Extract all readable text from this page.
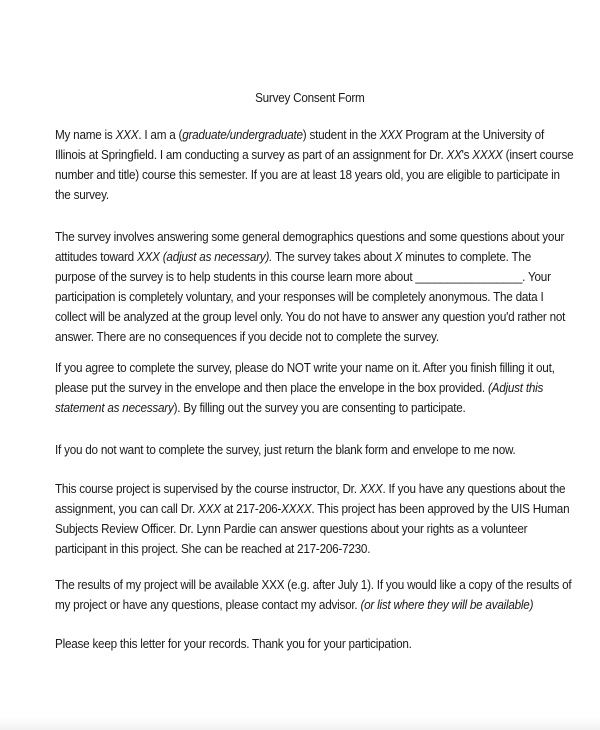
Survey Consent Form

My name is XXX. I am a (graduate/undergraduate) student in the XXX Program at the University of
Illinois at Springfield. I am conducting a survey as part of an assignment for Dr. XX's XXXX (insert course
number and title) course this semester. If you are at least 18 years old, you are eligible to participate in
the survey.

The survey involves answering some general demographics questions and some questions about your
attitudes toward XXX (adjust as necessary). The survey takes about X minutes to complete. The
purpose of the survey is to help students in this course learn more about _________________. Your
participation is completely voluntary, and your responses will be completely anonymous. The data I
collect will be analyzed at the group level only. You do not have to answer any question you'd rather not
answer. There are no consequences if you decide not to complete the survey.

If you agree to complete the survey, please do NOT write your name on it. After you finish filling it out,
please put the survey in the envelope and then place the envelope in the box provided. (Adjust this
statement as necessary). By filling out the survey you are consenting to participate.

If you do not want to complete the survey, just return the blank form and envelope to me now.

This course project is supervised by the course instructor, Dr. XXX. If you have any questions about the
assignment, you can call Dr. XXX at 217-206-XXXX. This project has been approved by the UIS Human
Subjects Review Officer. Dr. Lynn Pardie can answer questions about your rights as a volunteer
participant in this project. She can be reached at 217-206-7230.

The results of my project will be available XXX (e.g. after July 1). If you would like a copy of the results of
my project or have any questions, please contact my advisor. (or list where they will be available)

Please keep this letter for your records. Thank you for your participation.
